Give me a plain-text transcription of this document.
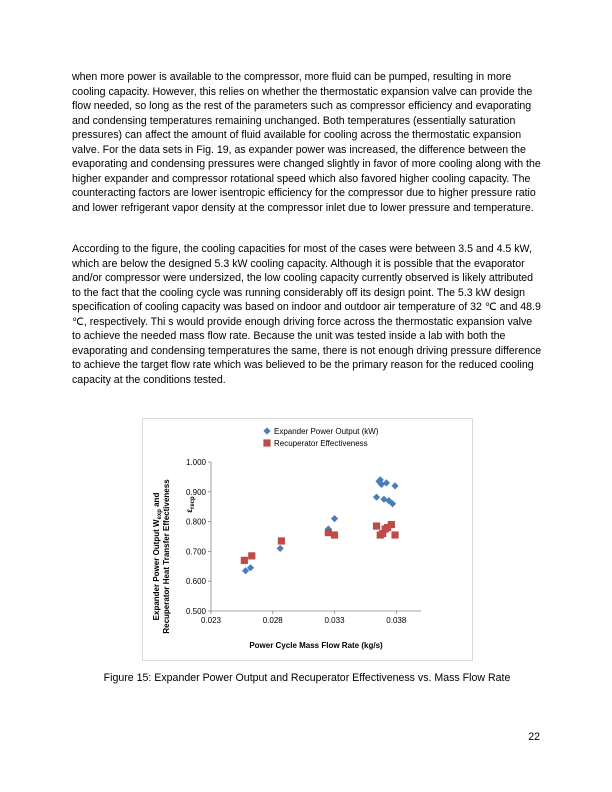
when more power is available to the compressor, more fluid can be pumped, resulting in more cooling capacity. However, this relies on whether the thermostatic expansion valve can provide the flow needed, so long as the rest of the parameters such as compressor efficiency and evaporating and condensing temperatures remaining unchanged. Both temperatures (essentially saturation pressures) can affect the amount of fluid available for cooling across the thermostatic expansion valve. For the data sets in Fig. 19, as expander power was increased, the difference between the evaporating and condensing pressures were changed slightly in favor of more cooling along with the higher expander and compressor rotational speed which also favored higher cooling capacity. The counteracting factors are lower isentropic efficiency for the compressor due to higher pressure ratio and lower refrigerant vapor density at the compressor inlet due to lower pressure and temperature.

According to the figure, the cooling capacities for most of the cases were between 3.5 and 4.5 kW, which are below the designed 5.3 kW cooling capacity. Although it is possible that the evaporator and/or compressor were undersized, the low cooling capacity currently observed is likely attributed to the fact that the cooling cycle was running considerably off its design point. The 5.3 kW design specification of cooling capacity was based on indoor and outdoor air temperature of 32 ℃ and 48.9 ℃, respectively. Thi s would provide enough driving force across the thermostatic expansion valve to achieve the needed mass flow rate. Because the unit was tested inside a lab with both the evaporating and condensing temperatures the same, there is not enough driving pressure difference to achieve the target flow rate which was believed to be the primary reason for the reduced cooling capacity at the conditions tested.

0.500
0.600
0.700
0.800
0.900
1.000
0.023	0.028	0.033	0.038
Expander Power Output (kW)
Recuperator Effectiveness
Power Cycle Mass Flow Rate (kg/s)
Expander Power Output $W_{exp}$ and Recuperator Heat Transfer Effectiveness $\varepsilon_{recp}$
Figure 15: Expander Power Output and Recuperator Effectiveness vs. Mass Flow Rate
22
